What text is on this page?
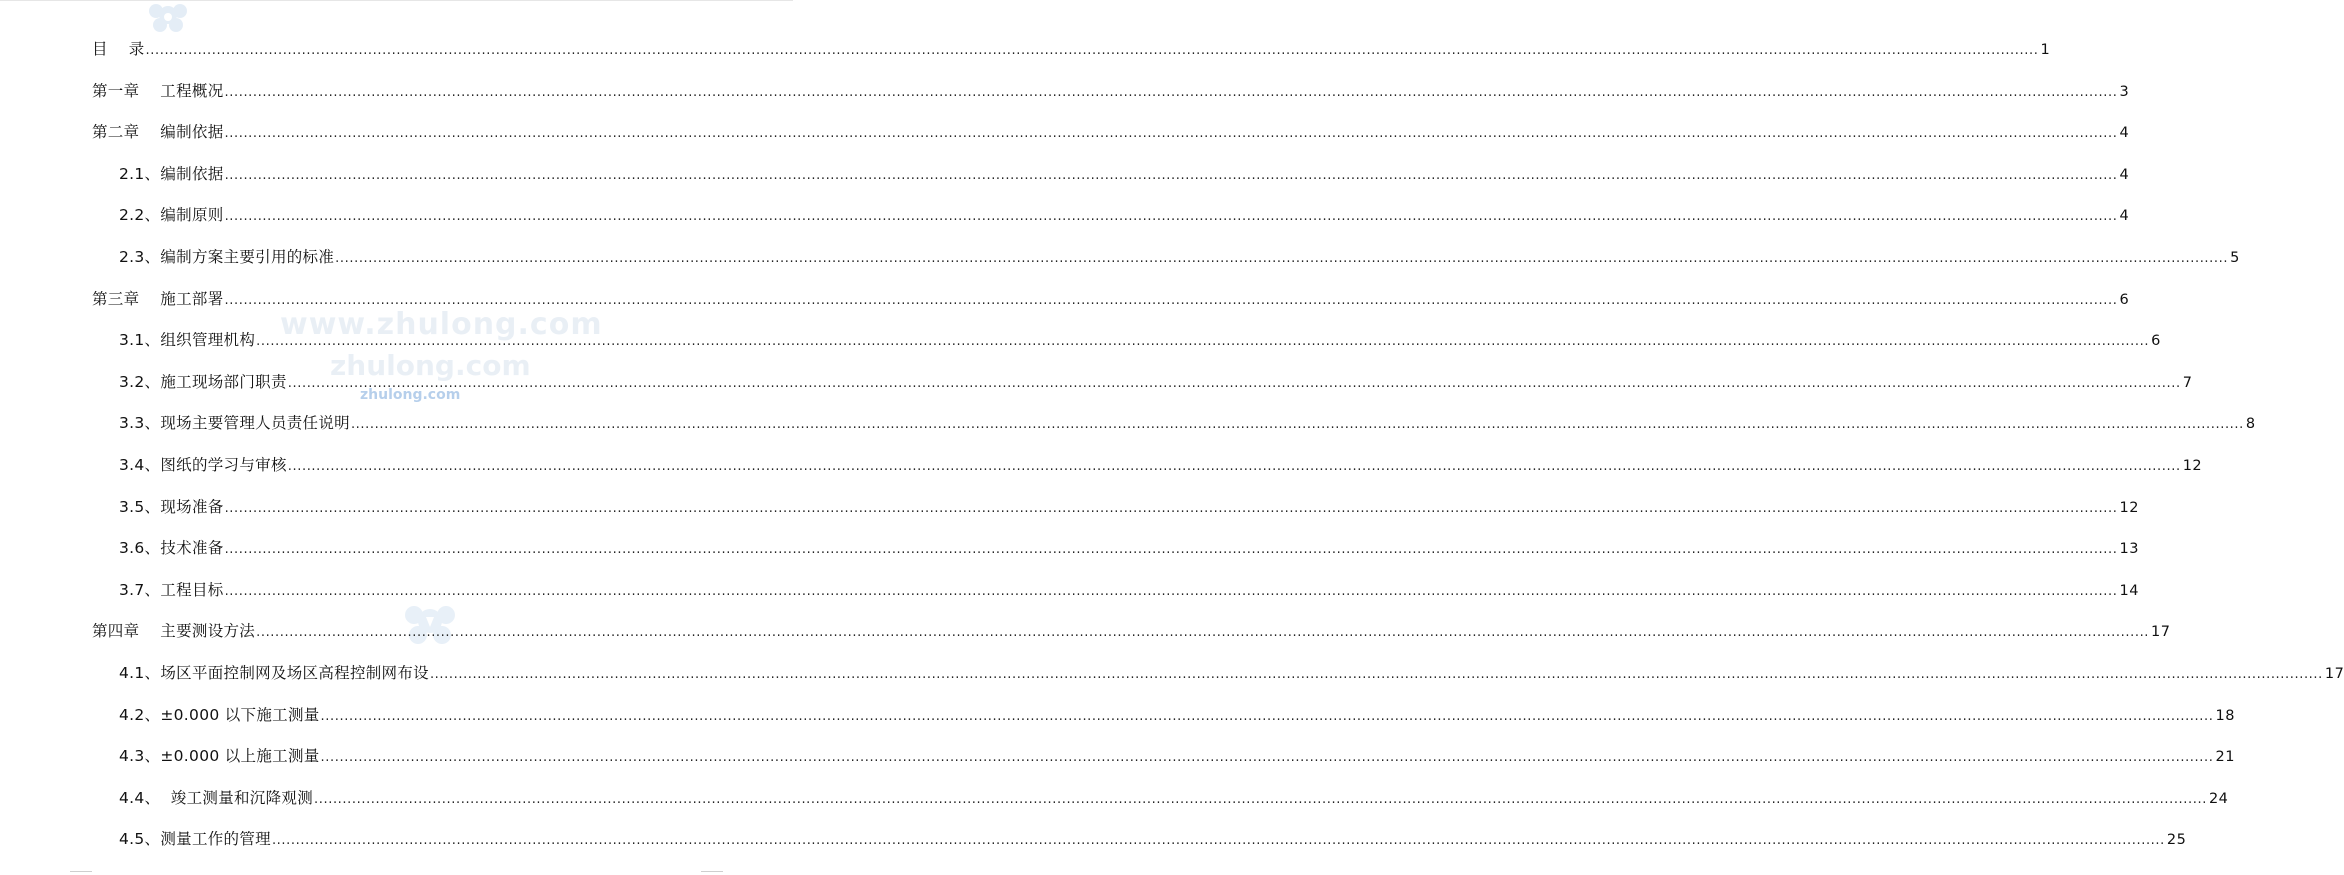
www.zhulong.com
zhulong.com
zhulong.com
目    录 ................................................................................................................................................................................................................................................................................................................................................................................................................ 1
第一章    工程概况 ................................................................................................................................................................................................................................................................................................................................................................................................................ 3
第二章    编制依据 ................................................................................................................................................................................................................................................................................................................................................................................................................ 4
2.1、编制依据 ................................................................................................................................................................................................................................................................................................................................................................................................................ 4
2.2、编制原则 ................................................................................................................................................................................................................................................................................................................................................................................................................ 4
2.3、编制方案主要引用的标准 ................................................................................................................................................................................................................................................................................................................................................................................................................ 5
第三章    施工部署 ................................................................................................................................................................................................................................................................................................................................................................................................................ 6
3.1、组织管理机构 ................................................................................................................................................................................................................................................................................................................................................................................................................ 6
3.2、施工现场部门职责 ................................................................................................................................................................................................................................................................................................................................................................................................................ 7
3.3、现场主要管理人员责任说明 ................................................................................................................................................................................................................................................................................................................................................................................................................ 8
3.4、图纸的学习与审核 ................................................................................................................................................................................................................................................................................................................................................................................................................ 12
3.5、现场准备 ................................................................................................................................................................................................................................................................................................................................................................................................................ 12
3.6、技术准备 ................................................................................................................................................................................................................................................................................................................................................................................................................ 13
3.7、工程目标 ................................................................................................................................................................................................................................................................................................................................................................................................................ 14
第四章    主要测设方法 ................................................................................................................................................................................................................................................................................................................................................................................................................ 17
4.1、场区平面控制网及场区高程控制网布设 ................................................................................................................................................................................................................................................................................................................................................................................................................ 17
4.2、±0.000 以下施工测量 ................................................................................................................................................................................................................................................................................................................................................................................................................ 18
4.3、±0.000 以上施工测量 ................................................................................................................................................................................................................................................................................................................................................................................................................ 21
4.4、  竣工测量和沉降观测 ................................................................................................................................................................................................................................................................................................................................................................................................................ 24
4.5、测量工作的管理 ................................................................................................................................................................................................................................................................................................................................................................................................................ 25
